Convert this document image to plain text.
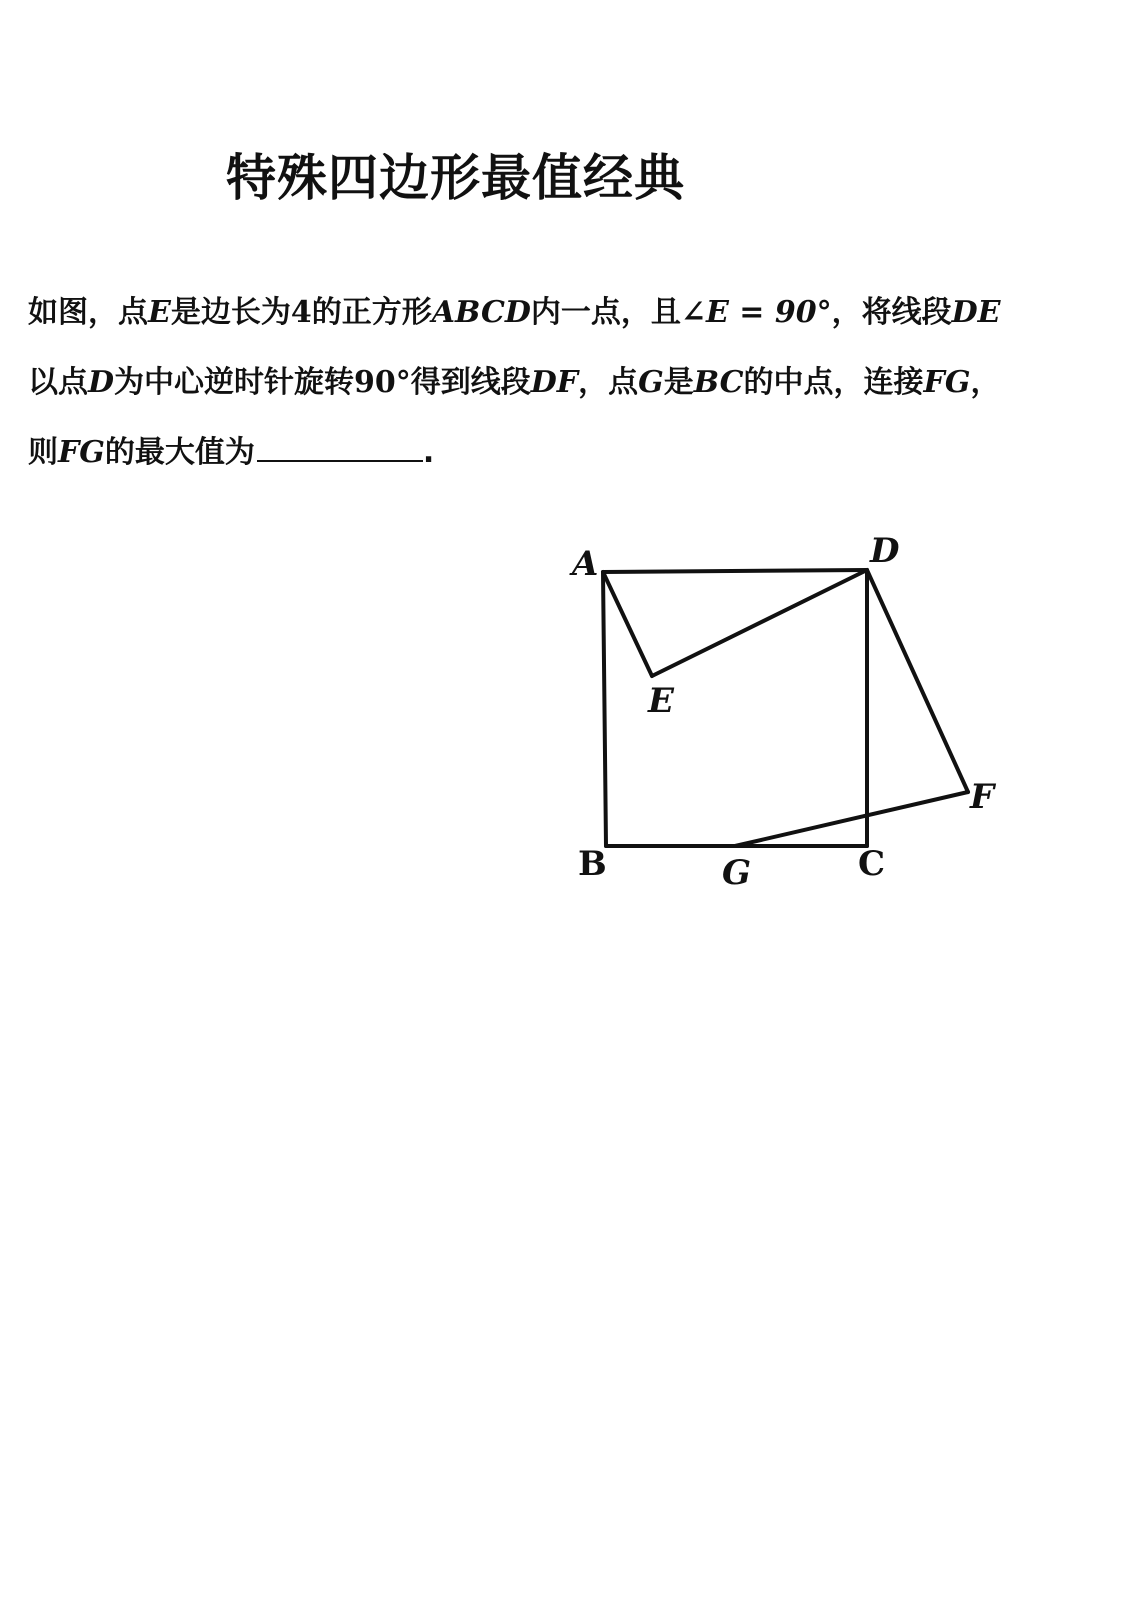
特殊四边形最值经典
如图，点E是边长为4的正方形ABCD内一点，且∠E = 90°，将线段DE
以点D为中心逆时针旋转90°得到线段DF，点G是BC的中点，连接FG，
则FG的最大值为	.
A	D
E
F
B	G	C
